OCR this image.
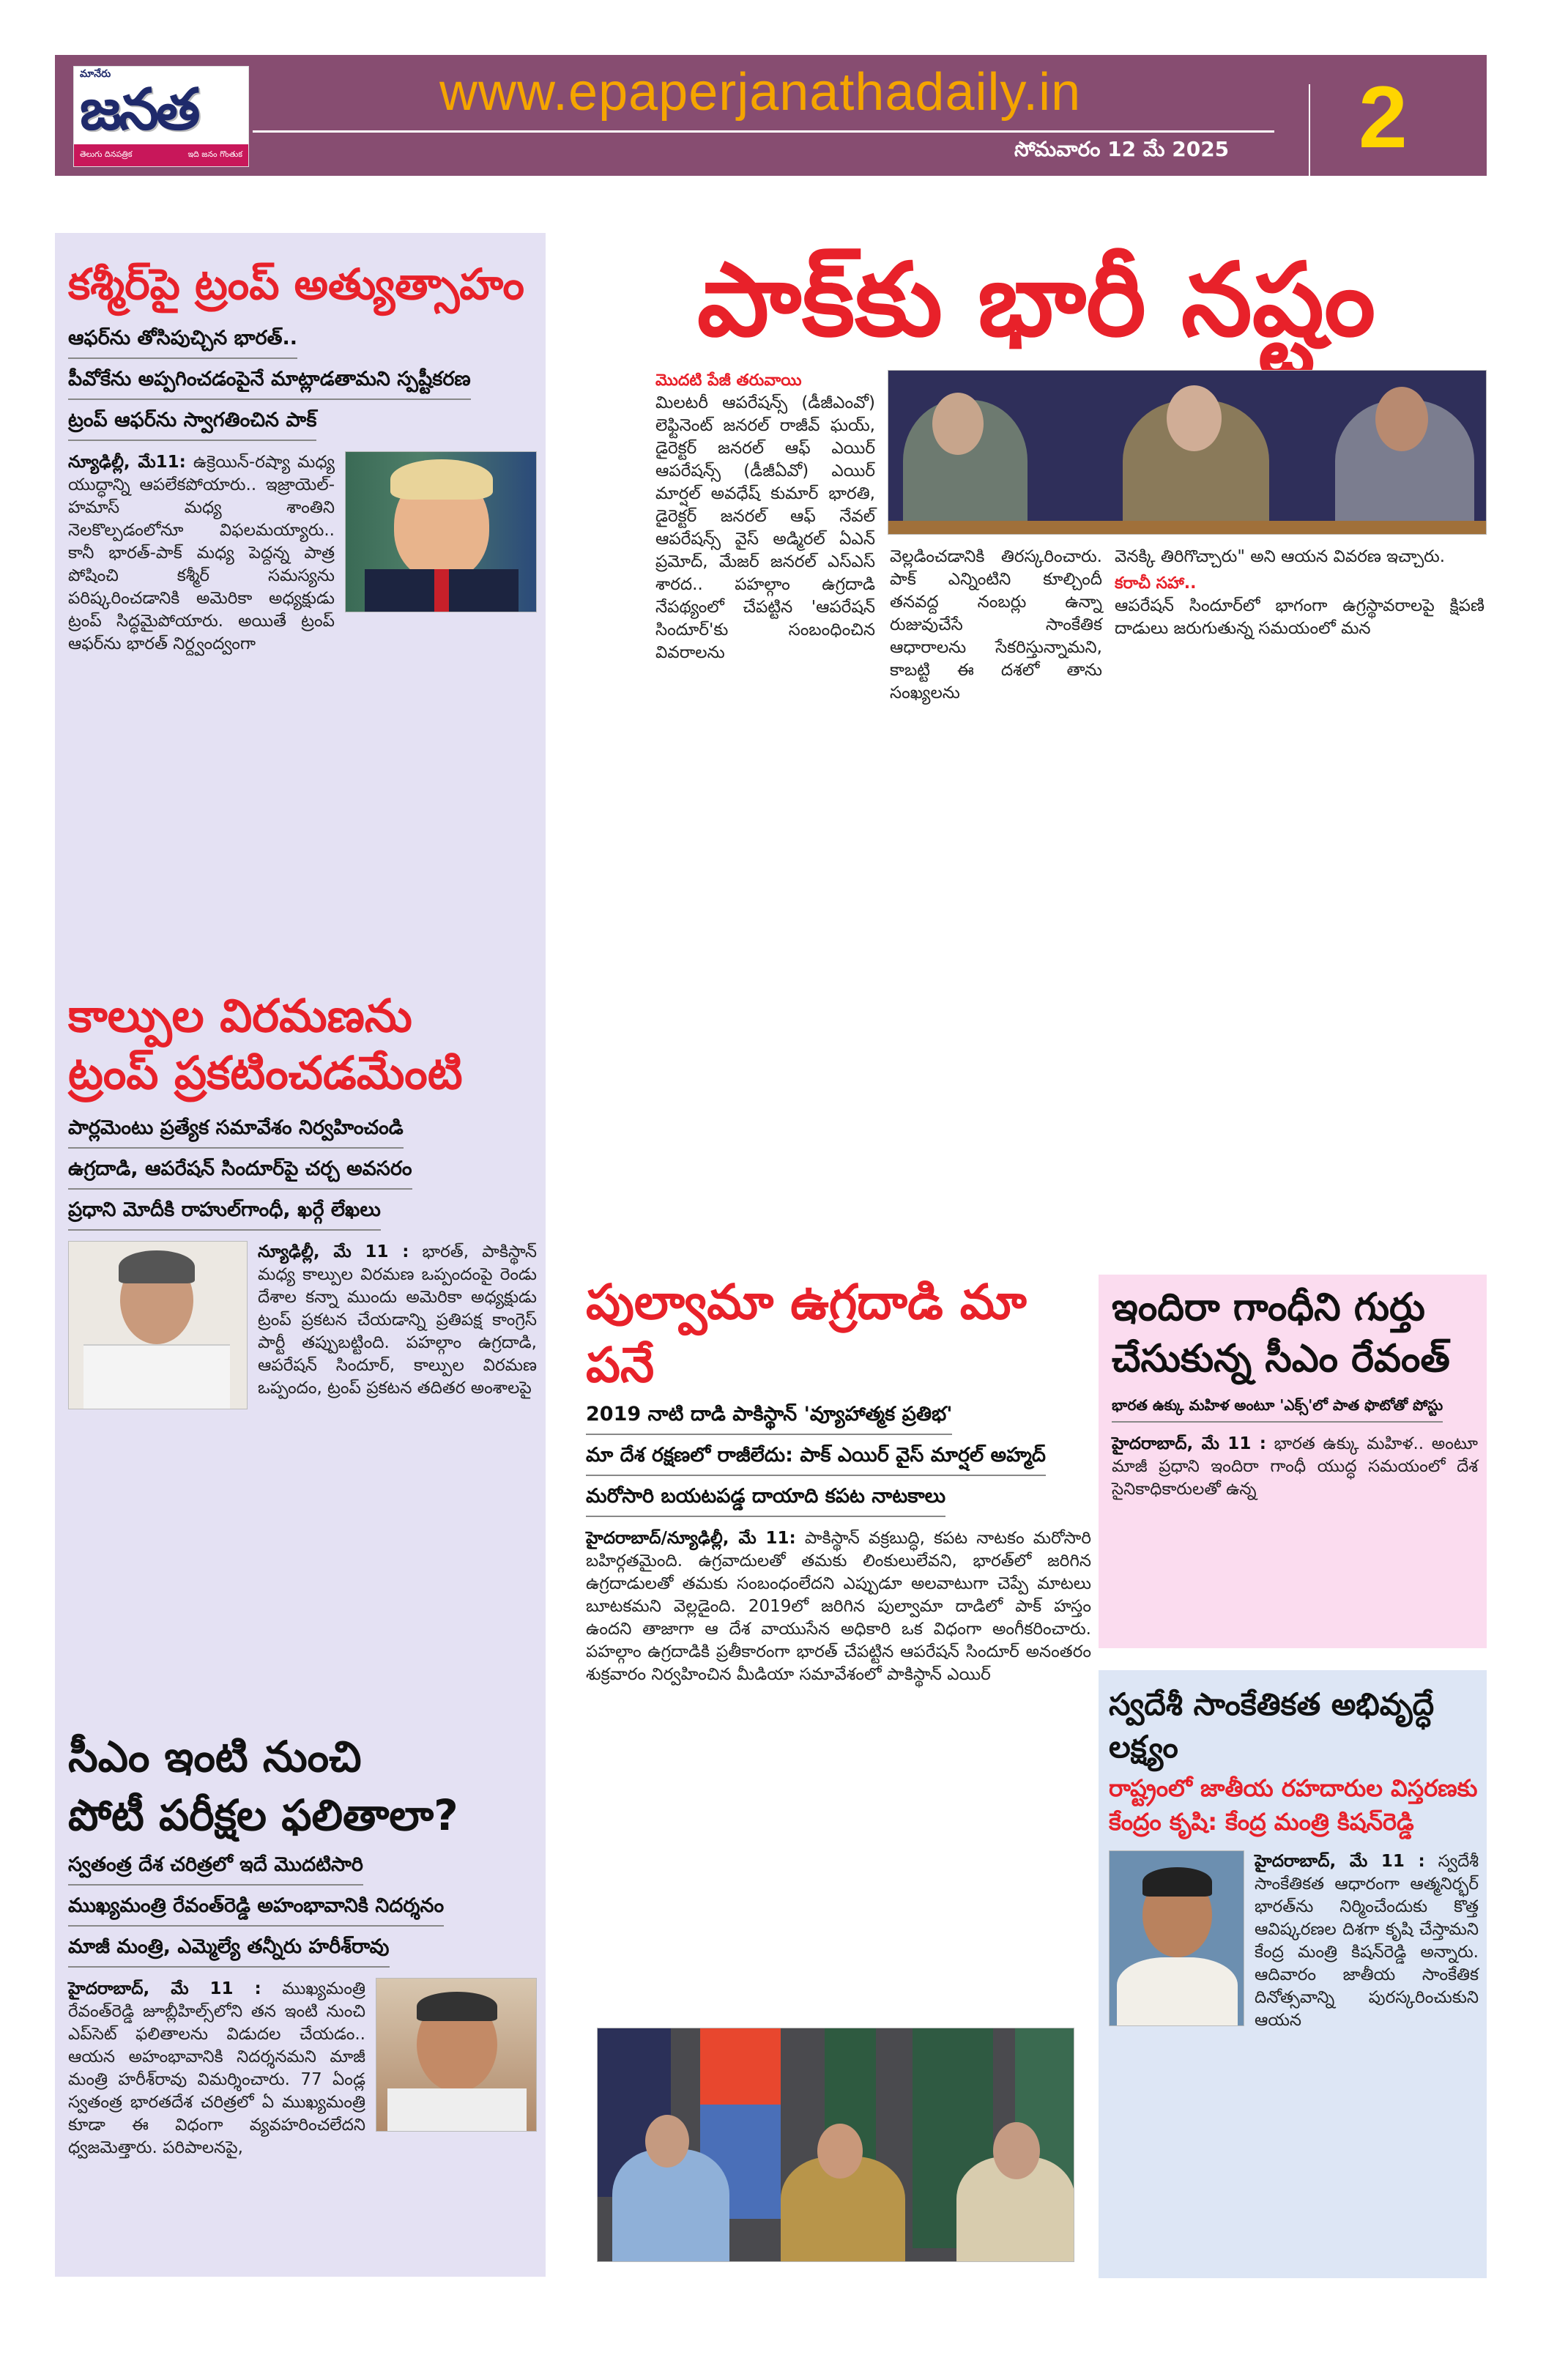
మానేరు
జనత
తెలుగు దినపత్రిక	ఇది జనం గొంతుక
www.epaperjanathadaily.in
సోమవారం 12 మే 2025 2
కశ్మీర్‌పై ట్రంప్ అత్యుత్సాహం
ఆఫర్‌ను తోసిపుచ్చిన భారత్..
పీవోకేను అప్పగించడంపైనే మాట్లాడతామని స్పష్టీకరణ
ట్రంప్ ఆఫర్‌ను స్వాగతించిన పాక్
న్యూఢిల్లీ, మే11: ఉక్రెయిన్-రష్యా మధ్య యుద్ధాన్ని ఆపలేకపోయారు.. ఇజ్రాయెల్-హమాస్ మధ్య శాంతిని నెలకొల్పడంలోనూ విఫలమయ్యారు.. కానీ భారత్-పాక్ మధ్య పెద్దన్న పాత్ర పోషించి కశ్మీర్ సమస్యను పరిష్కరించడానికి అమెరికా అధ్యక్షుడు ట్రంప్ సిద్ధమైపోయారు. అయితే ట్రంప్ ఆఫర్‌ను భారత్ నిర్ద్వంద్వంగా
కాల్పుల విరమణను
ట్రంప్ ప్రకటించడమేంటి
పార్లమెంటు ప్రత్యేక సమావేశం నిర్వహించండి
ఉగ్రదాడి, ఆపరేషన్ సిందూర్‌పై చర్చ అవసరం
ప్రధాని మోదీకి రాహుల్‌గాంధీ, ఖర్గే లేఖలు
న్యూఢిల్లీ, మే 11 : భారత్, పాకిస్థాన్ మధ్య కాల్పుల విరమణ ఒప్పందంపై రెండు దేశాల కన్నా ముందు అమెరికా అధ్యక్షుడు ట్రంప్ ప్రకటన చేయడాన్ని ప్రతిపక్ష కాంగ్రెస్ పార్టీ తప్పుబట్టింది. పహల్గాం ఉగ్రదాడి, ఆపరేషన్ సిందూర్, కాల్పుల విరమణ ఒప్పందం, ట్రంప్ ప్రకటన తదితర అంశాలపై
సీఎం ఇంటి నుంచి
పోటీ పరీక్షల ఫలితాలా?
స్వతంత్ర దేశ చరిత్రలో ఇదే మొదటిసారి
ముఖ్యమంత్రి రేవంత్‌రెడ్డి అహంభావానికి నిదర్శనం
మాజీ మంత్రి, ఎమ్మెల్యే తన్నీరు హరీశ్‌రావు
హైదరాబాద్, మే 11 : ముఖ్యమంత్రి రేవంత్‌రెడ్డి జూబ్లీహిల్స్‌లోని తన ఇంటి నుంచి ఎప్‌సెట్ ఫలితాలను విడుదల చేయడం.. ఆయన అహంభావానికి నిదర్శనమని మాజీ మంత్రి హరీశ్‌రావు విమర్శించారు. 77 ఏండ్ల స్వతంత్ర భారతదేశ చరిత్రలో ఏ ముఖ్యమంత్రి కూడా ఈ విధంగా వ్యవహరించలేదని ధ్వజమెత్తారు. పరిపాలనపై,
పాక్‌కు భారీ నష్టం
మొదటి పేజీ తరువాయి
మిలటరీ ఆపరేషన్స్ (డీజీఎంవో) లెఫ్టినెంట్ జనరల్ రాజీవ్ ఘయ్, డైరెక్టర్ జనరల్ ఆఫ్ ఎయిర్ ఆపరేషన్స్ (డీజీఏవో) ఎయిర్ మార్షల్ అవధేష్ కుమార్ భారతి, డైరెక్టర్ జనరల్ ఆఫ్ నేవల్ ఆపరేషన్స్ వైస్ అడ్మిరల్ ఏఎన్ ప్రమోద్, మేజర్ జనరల్ ఎస్ఎస్ శారద.. పహల్గాం ఉగ్రదాడి నేపథ్యంలో చేపట్టిన 'ఆపరేషన్ సిందూర్'కు సంబంధించిన వివరాలను
వెల్లడించడానికి తిరస్కరించారు. పాక్ ఎన్నింటిని కూల్చిందీ తనవద్ద నంబర్లు ఉన్నా రుజువుచేసే సాంకేతిక ఆధారాలను సేకరిస్తున్నామని, కాబట్టి ఈ దశలో తాను సంఖ్యలను
వెనక్కి తిరిగొచ్చారు" అని ఆయన వివరణ ఇచ్చారు.
కరాచీ సహా..
ఆపరేషన్ సిందూర్‌లో భాగంగా ఉగ్రస్థావరాలపై క్షిపణి దాడులు జరుగుతున్న సమయంలో మన
పుల్వామా ఉగ్రదాడి మా పనే
2019 నాటి దాడి పాకిస్థాన్ 'వ్యూహాత్మక ప్రతిభ'
మా దేశ రక్షణలో రాజీలేదు: పాక్ ఎయిర్ వైస్ మార్షల్ అహ్మద్
మరోసారి బయటపడ్డ దాయాది కపట నాటకాలు
హైదరాబాద్/న్యూఢిల్లీ, మే 11: పాకిస్థాన్ వక్రబుద్ధి, కపట నాటకం మరోసారి బహిర్గతమైంది. ఉగ్రవాదులతో తమకు లింకులులేవని, భారత్‌లో జరిగిన ఉగ్రదాడులతో తమకు సంబంధంలేదని ఎప్పుడూ అలవాటుగా చెప్పే మాటలు బూటకమని వెల్లడైంది. 2019లో జరిగిన పుల్వామా దాడిలో పాక్ హస్తం ఉందని తాజాగా ఆ దేశ వాయుసేన అధికారి ఒక విధంగా అంగీకరించారు. పహల్గాం ఉగ్రదాడికి ప్రతీకారంగా భారత్ చేపట్టిన ఆపరేషన్ సిందూర్ అనంతరం శుక్రవారం నిర్వహించిన మీడియా సమావేశంలో పాకిస్థాన్ ఎయిర్
ఇందిరా గాంధీని గుర్తు
చేసుకున్న సీఎం రేవంత్
భారత ఉక్కు మహిళ అంటూ 'ఎక్స్'లో పాత ఫొటోతో పోస్టు
హైదరాబాద్, మే 11 : భారత ఉక్కు మహిళ.. అంటూ మాజీ ప్రధాని ఇందిరా గాంధీ యుద్ధ సమయంలో దేశ సైనికాధికారులతో ఉన్న
స్వదేశీ సాంకేతికత అభివృద్ధే లక్ష్యం
రాష్ట్రంలో జాతీయ రహదారుల విస్తరణకు
కేంద్రం కృషి: కేంద్ర మంత్రి కిషన్‌రెడ్డి
హైదరాబాద్, మే 11 : స్వదేశీ సాంకేతికత ఆధారంగా ఆత్మనిర్భర్ భారత్‌ను నిర్మించేందుకు కొత్త ఆవిష్కరణల దిశగా కృషి చేస్తామని కేంద్ర మంత్రి కిషన్‌రెడ్డి అన్నారు. ఆదివారం జాతీయ సాంకేతిక దినోత్సవాన్ని పురస్కరించుకుని ఆయన
